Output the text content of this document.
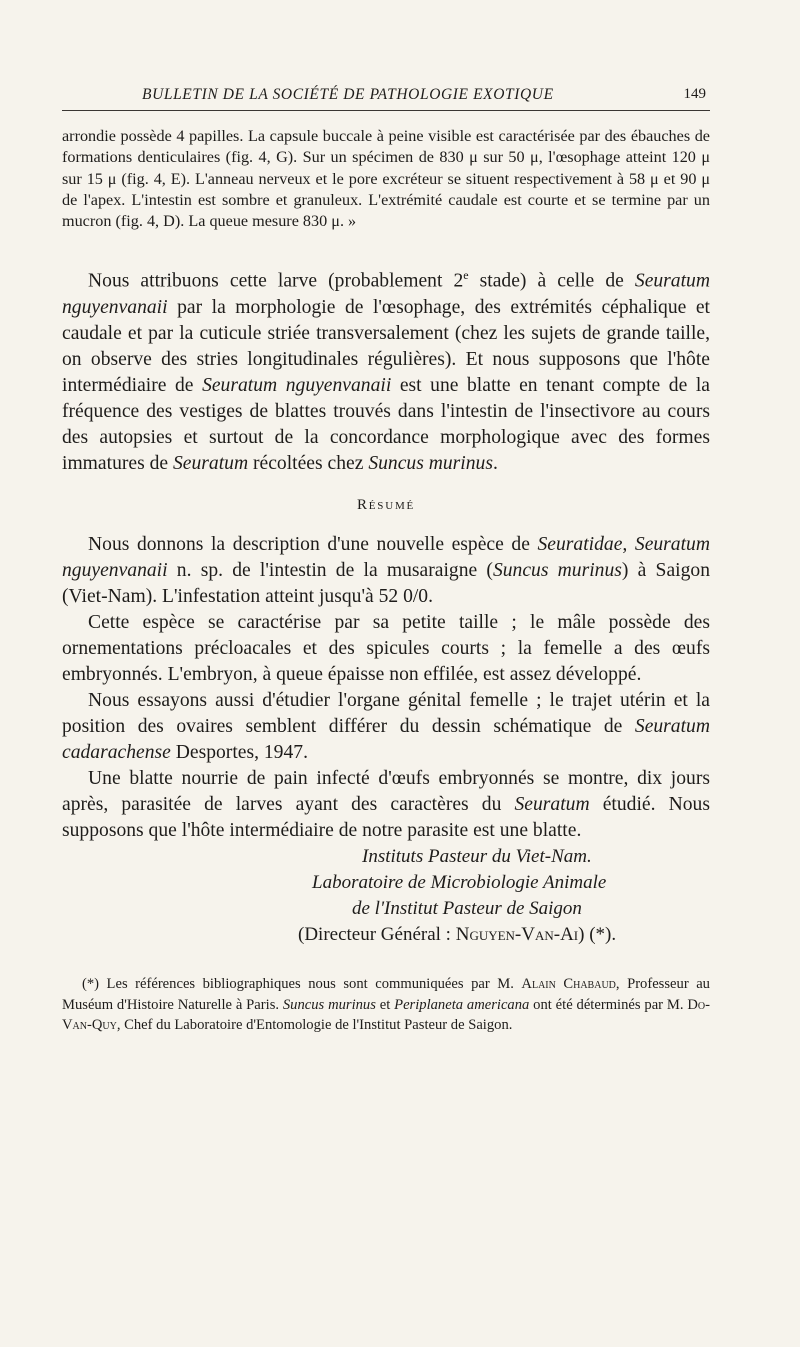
BULLETIN DE LA SOCIÉTÉ DE PATHOLOGIE EXOTIQUE	149

arrondie possède 4 papilles. La capsule buccale à peine visible est caractérisée par des ébauches de formations denticulaires (fig. 4, G). Sur un spécimen de 830 μ sur 50 μ, l'œsophage atteint 120 μ sur 15 μ (fig. 4, E). L'anneau nerveux et le pore excréteur se situent respectivement à 58 μ et 90 μ de l'apex. L'intestin est sombre et granuleux. L'extrémité caudale est courte et se termine par un mucron (fig. 4, D). La queue mesure 830 μ. »

Nous attribuons cette larve (probablement 2e stade) à celle de Seuratum nguyenvanaii par la morphologie de l'œsophage, des extrémités céphalique et caudale et par la cuticule striée transversalement (chez les sujets de grande taille, on observe des stries longitudinales régulières). Et nous supposons que l'hôte intermédiaire de Seuratum nguyenvanaii est une blatte en tenant compte de la fréquence des vestiges de blattes trouvés dans l'intestin de l'insectivore au cours des autopsies et surtout de la concordance morphologique avec des formes immatures de Seuratum récoltées chez Suncus murinus.

Résumé

Nous donnons la description d'une nouvelle espèce de Seuratidae, Seuratum nguyenvanaii n. sp. de l'intestin de la musaraigne (Suncus murinus) à Saigon (Viet-Nam). L'infestation atteint jusqu'à 52 0/0.

Cette espèce se caractérise par sa petite taille ; le mâle possède des ornementations précloacales et des spicules courts ; la femelle a des œufs embryonnés. L'embryon, à queue épaisse non effilée, est assez développé.

Nous essayons aussi d'étudier l'organe génital femelle ; le trajet utérin et la position des ovaires semblent différer du dessin schématique de Seuratum cadarachense Desportes, 1947.

Une blatte nourrie de pain infecté d'œufs embryonnés se montre, dix jours après, parasitée de larves ayant des caractères du Seuratum étudié. Nous supposons que l'hôte intermédiaire de notre parasite est une blatte.

Instituts Pasteur du Viet-Nam.
Laboratoire de Microbiologie Animale
de l'Institut Pasteur de Saigon
(Directeur Général : Nguyen-Van-Ai) (*).

(*) Les références bibliographiques nous sont communiquées par M. Alain Chabaud, Professeur au Muséum d'Histoire Naturelle à Paris. Suncus murinus et Periplaneta americana ont été déterminés par M. Do-Van-Quy, Chef du Laboratoire d'Entomologie de l'Institut Pasteur de Saigon.
